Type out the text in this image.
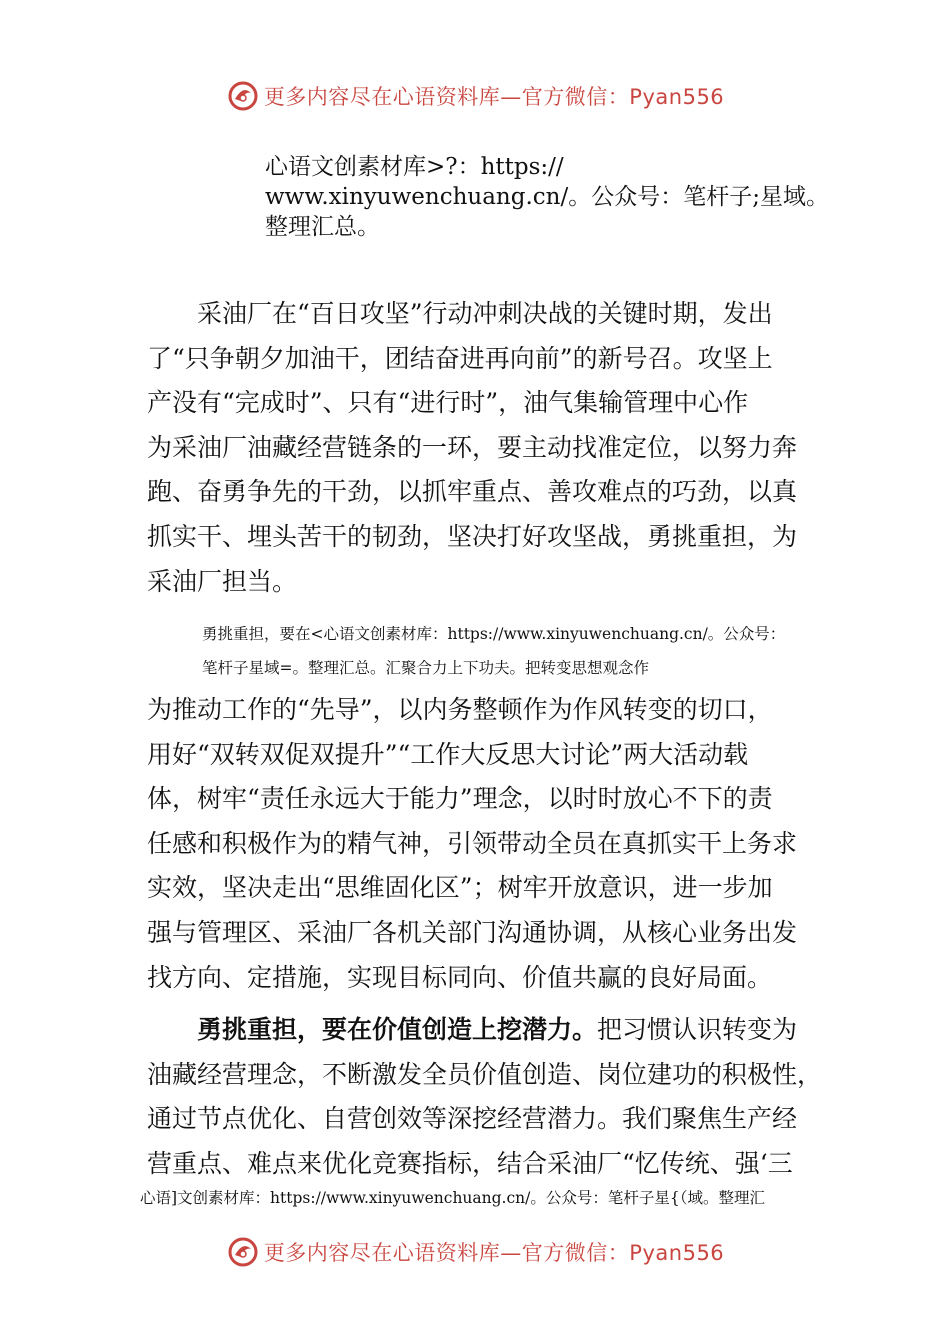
更多内容尽在心语资料库—官方微信：Pyan556
心语文创素材库>?：https://
www.xinyuwenchuang.cn/。公众号：笔杆子;星域。
整理汇总。
采油厂在“百日攻坚”行动冲刺决战的关键时期，发出
了“只争朝夕加油干，团结奋进再向前”的新号召。攻坚上
产没有“完成时”、只有“进行时”，油气集输管理中心作
为采油厂油藏经营链条的一环，要主动找准定位，以努力奔
跑、奋勇争先的干劲，以抓牢重点、善攻难点的巧劲，以真
抓实干、埋头苦干的韧劲，坚决打好攻坚战，勇挑重担，为
采油厂担当。
勇挑重担，要在<心语文创素材库：https://www.xinyuwenchuang.cn/。公众号：
笔杆子星域=。整理汇总。汇聚合力上下功夫。把转变思想观念作
为推动工作的“先导”，以内务整顿作为作风转变的切口，
用好“双转双促双提升”“工作大反思大讨论”两大活动载
体，树牢“责任永远大于能力”理念，以时时放心不下的责
任感和积极作为的精气神，引领带动全员在真抓实干上务求
实效，坚决走出“思维固化区”；树牢开放意识，进一步加
强与管理区、采油厂各机关部门沟通协调，从核心业务出发
找方向、定措施，实现目标同向、价值共赢的良好局面。
勇挑重担，要在价值创造上挖潜力。把习惯认识转变为
油藏经营理念，不断激发全员价值创造、岗位建功的积极性，
通过节点优化、自营创效等深挖经营潜力。我们聚焦生产经
营重点、难点来优化竞赛指标，结合采油厂“忆传统、强‘三
心语]文创素材库：https://www.xinyuwenchuang.cn/。公众号：笔杆子星{（域。整理汇
更多内容尽在心语资料库—官方微信：Pyan556
